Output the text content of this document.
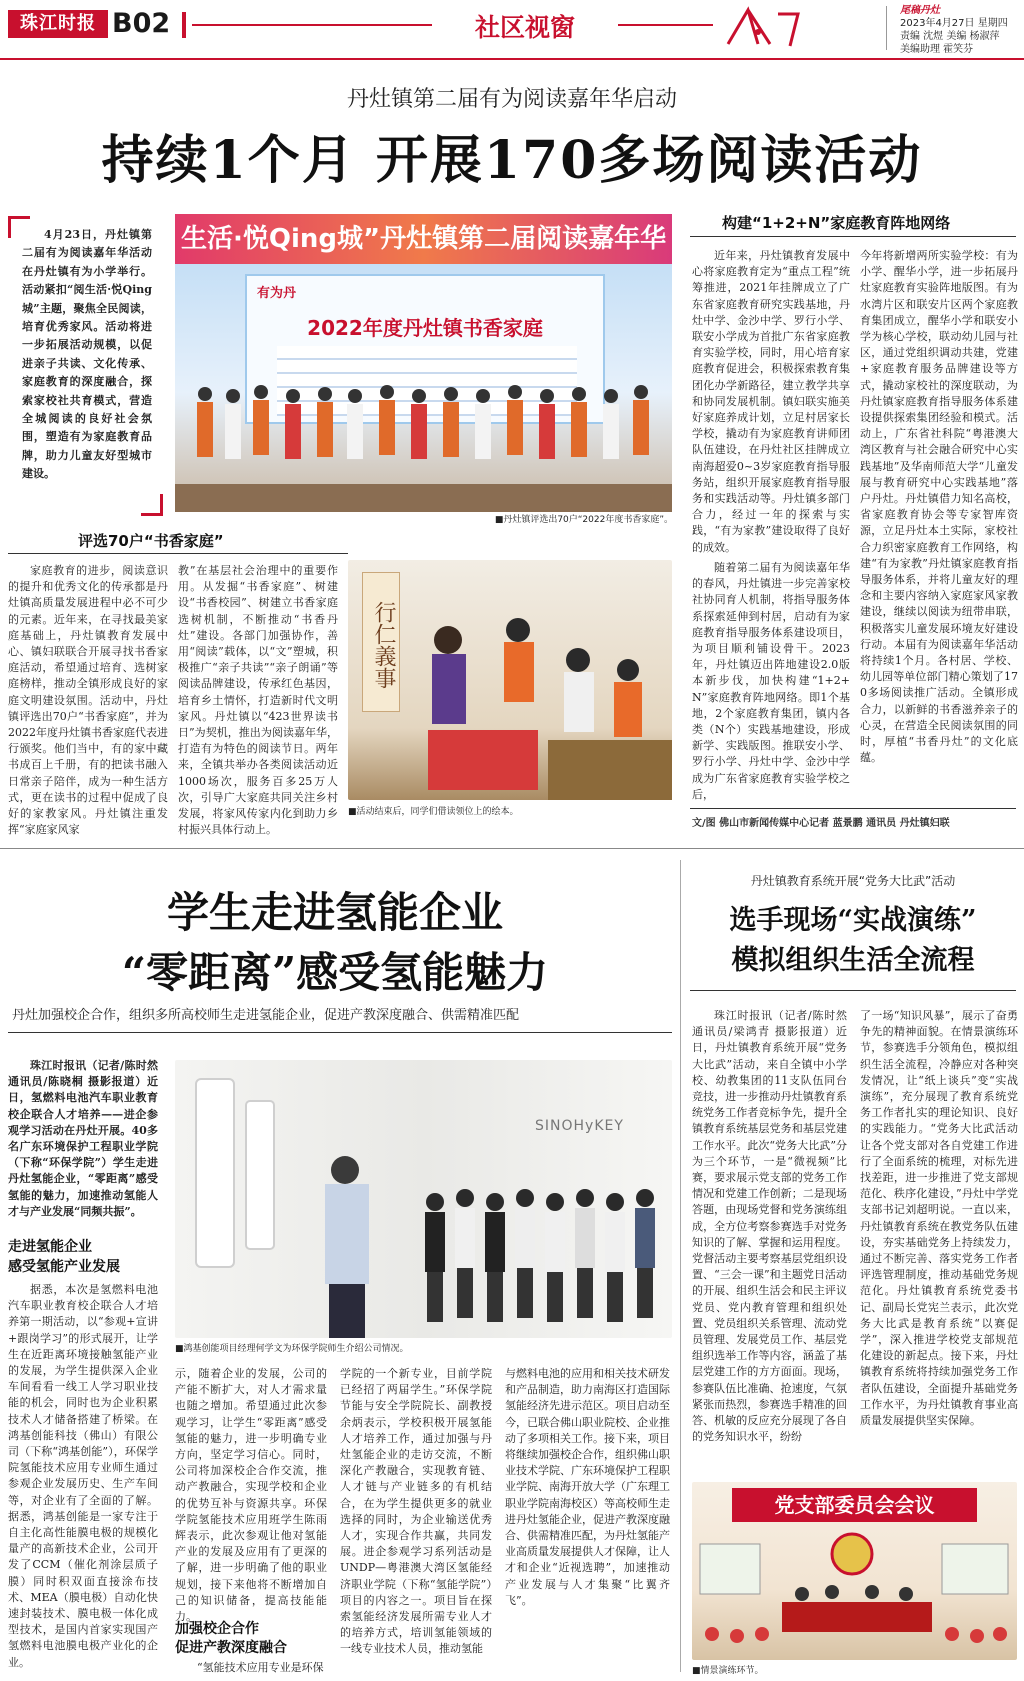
珠江时报 B02	社区视窗
尾稿丹灶
2023年4月27日 星期四
责编 沈煜 美编 杨淑萍
美编助理 霍笑芬
丹灶镇第二届有为阅读嘉年华启动
持续1个月 开展170多场阅读活动
4月23日，丹灶镇第二届有为阅读嘉年华活动在丹灶镇有为小学举行。活动紧扣“阅生活·悦Qing城”主题，聚焦全民阅读，培育优秀家风。活动将进一步拓展活动规模，以促进亲子共读、文化传承、家庭教育的深度融合，探索家校社共育模式，营造全城阅读的良好社会氛围，塑造有为家庭教育品牌，助力儿童友好型城市建设。
生活·悦Qing城”丹灶镇第二届阅读嘉年华
有为丹
2022年度丹灶镇书香家庭
■丹灶镇评选出70户“2022年度书香家庭”。
评选70户“书香家庭”
家庭教育的进步，阅读意识的提升和优秀文化的传承都是丹灶镇高质量发展进程中必不可少的元素。近年来，在寻找最美家庭基础上，丹灶镇教育发展中心、镇妇联联合开展寻找书香家庭活动，希望通过培育、选树家庭榜样，推动全镇形成良好的家庭文明建设氛围。活动中，丹灶镇评选出70户“书香家庭”，并为2022年度丹灶镇书香家庭代表进行颁奖。他们当中，有的家中藏书成百上千册，有的把读书融入日常亲子陪伴，成为一种生活方式，更在读书的过程中促成了良好的家教家风。丹灶镇注重发挥“家庭家风家
教”在基层社会治理中的重要作用。从发掘“书香家庭”、树建设“书香校园”、树建立书香家庭选树机制，不断推动“书香丹灶”建设。各部门加强协作，善用“阅读”载体，以“文”塑城，积极推广“亲子共读”“亲子朗诵”等阅读品牌建设，传承红色基因，培育乡土情怀，打造新时代文明家风。丹灶镇以“423世界读书日”为契机，推出为阅读嘉年华，打造有为特色的阅读节日。两年来，全镇共举办各类阅读活动近1000场次，服务百多25万人次，引导广大家庭共同关注乡村发展，将家风传家内化到助力乡村振兴具体行动上。
行仁義事
■活动结束后，同学们借读领位上的绘本。
构建“1+2+N”家庭教育阵地网络
近年来，丹灶镇教育发展中心将家庭教育定为“重点工程”统筹推进，2021年挂牌成立了广东省家庭教育研究实践基地，丹灶中学、金沙中学、罗行小学、联安小学成为首批广东省家庭教育实验学校，同时，用心培育家庭教育促进会，积极探索教育集团化办学新路径，建立教学共享和协同发展机制。镇妇联实施美好家庭养成计划，立足村居家长学校，撬动有为家庭教育讲师团队伍建设，在丹灶社区挂牌成立南海超爱0~3岁家庭教育指导服务站，组织开展家庭教育指导服务和实践活动等。丹灶镇多部门合力，经过一年的探索与实践，“有为家教”建设取得了良好的成效。
随着第二届有为阅读嘉年华的春风，丹灶镇进一步完善家校社协同育人机制，将指导服务体系探索延伸到村居，启动有为家庭教育指导服务体系建设项目，为项目顺利铺设骨干。2023年，丹灶镇迈出阵地建设2.0版本新步伐，加快构建“1+2+N”家庭教育阵地网络。即1个基地，2个家庭教育集团，镇内各类（N个）实践基地建设，形成新学、实践版图。推联安小学、罗行小学、丹灶中学、金沙中学成为广东省家庭教育实验学校之后，
今年将新增两所实验学校：有为小学、醒华小学，进一步拓展丹灶家庭教育实验阵地版图。有为水湾片区和联安片区两个家庭教育集团成立，醒华小学和联安小学为核心学校，联动幼儿园与社区，通过党组织调动共建，党建+家庭教育服务品牌建设等方式，撬动家校社的深度联动，为丹灶镇家庭教育指导服务体系建设提供探索集团经验和模式。活动上，广东省社科院“粤港澳大湾区教育与社会融合研究中心实践基地”及华南师范大学“儿童发展与教育研究中心实践基地”落户丹灶。丹灶镇借力知名高校，省家庭教育协会等专家智库资源，立足丹灶本土实际，家校社合力织密家庭教育工作网络，构建“有为家教”丹灶镇家庭教育指导服务体系，并将儿童友好的理念和主要内容纳入家庭家风家教建设，继续以阅读为纽带串联，积极落实儿童发展环境友好建设行动。本届有为阅读嘉年华活动将持续1个月。各村居、学校、幼儿园等单位部门精心策划了170多场阅读推广活动。全镇形成合力，以新鲜的书香滋养亲子的心灵，在营造全民阅读氛围的同时，厚植“书香丹灶”的文化底蕴。
文/图 佛山市新闻传媒中心记者 蓝景鹏 通讯员 丹灶镇妇联
学生走进氢能企业
“零距离”感受氢能魅力
丹灶加强校企合作，组织多所高校师生走进氢能企业，促进产教深度融合、供需精准匹配
珠江时报讯（记者/陈时然 通讯员/陈晓桐 摄影报道）近日，氢燃料电池汽车职业教育校企联合人才培养——进企参观学习活动在丹灶开展。40多名广东环境保护工程职业学院（下称“环保学院”）学生走进丹灶氢能企业，“零距离”感受氢能的魅力，加速推动氢能人才与产业发展“同频共振”。
走进氢能企业
感受氢能产业发展
据悉，本次是氢燃料电池汽车职业教育校企联合人才培养第一期活动，以“参观+宣讲+跟岗学习”的形式展开，让学生在近距离环境接触氢能产业的发展，为学生提供深入企业车间看看一线工人学习职业技能的机会，同时也为企业积累技术人才储备搭建了桥梁。在鸿基创能科技（佛山）有限公司（下称“鸿基创能”），环保学院氢能技术应用专业师生通过参观企业发展历史、生产车间等，对企业有了全面的了解。据悉，鸿基创能是一家专注于自主化高性能膜电极的规模化量产的高新技术企业，公司开发了CCM（催化剂涂层质子膜）同时积双面直接涂布技术、MEA（膜电极）自动化快速封装技术、膜电极一体化成型技术，是国内首家实现国产氢燃料电池膜电极产业化的企业。
SINOHyKEY
■鸿基创能项目经理何学文为环保学院师生介绍公司情况。
示，随着企业的发展，公司的产能不断扩大，对人才需求量也随之增加。希望通过此次参观学习，让学生“零距离”感受氢能的魅力，进一步明确专业方向，坚定学习信心。同时，公司将加深校企合作交流，推动产教融合，实现学校和企业的优势互补与资源共享。环保学院氢能技术应用班学生陈雨辉表示，此次参观让他对氢能产业的发展及应用有了更深的了解，进一步明确了他的职业规划，接下来他将不断增加自己的知识储备，提高技能能力。
加强校企合作
促进产教深度融合
“氢能技术应用专业是环保
学院的一个新专业，目前学院已经招了两届学生。”环保学院节能与安全学院院长、副教授余炳表示，学校积极开展氢能人才培养工作，通过加强与丹灶氢能企业的走访交流，不断深化产教融合，实现教育链、人才链与产业链多的有机结合，在为学生提供更多的就业选择的同时，为企业输送优秀人才，实现合作共赢，共同发展。进企参观学习系列活动是UNDP—粤港澳大湾区氢能经济职业学院（下称“氢能学院”）项目的内容之一。项目旨在探索氢能经济发展所需专业人才的培养方式，培训氢能领域的一线专业技术人员，推动氢能
与燃料电池的应用和相关技术研发和产品制造，助力南海区打造国际氢能经济先进示范区。项目启动至今，已联合佛山职业院校、企业推动了多项相关工作。接下来，项目将继续加强校企合作，组织佛山职业技术学院、广东环境保护工程职业学院、南海开放大学（广东理工职业学院南海校区）等高校师生走进丹灶氢能企业，促进产教深度融合、供需精准匹配，为丹灶氢能产业高质量发展提供人才保障，让人才和企业“近视选聘”，加速推动产业发展与人才集聚“比翼齐飞”。
丹灶镇教育系统开展“党务大比武”活动
选手现场“实战演练”
模拟组织生活全流程
珠江时报讯（记者/陈时然 通讯员/梁鸿青 摄影报道）近日，丹灶镇教育系统开展“党务大比武”活动，来自全镇中小学校、幼教集团的11支队伍同台竞技，进一步推动丹灶镇教育系统党务工作者竞标争先，提升全镇教育系统基层党务和基层党建工作水平。此次“党务大比武”分为三个环节，一是“微视频”比赛，要求展示党支部的党务工作情况和党建工作创新；二是现场答题，由现场党督和党务演练组成，全方位考察参赛选手对党务知识的了解、掌握和运用程度。党督活动主要考察基层党组织设置、“三会一课”和主题党日活动的开展、组织生活会和民主评议党员、党内教育管理和组织处置、党员组织关系管理、流动党员管理、发展党员工作、基层党组织选举工作等内容，涵盖了基层党建工作的方方面面。现场，参赛队伍比准确、抢速度，气氛紧张而热烈，参赛选手精准的回答、机敏的反应充分展现了各自的党务知识水平，纷纷
了一场“知识风暴”，展示了奋勇争先的精神面貌。在情景演练环节，参赛选手分领角色，模拟组织生活全流程，冷静应对各种突发情况，让“纸上谈兵”变“实战演练”，充分展现了教育系统党务工作者扎实的理论知识、良好的实践能力。“党务大比武活动让各个党支部对各自党建工作进行了全面系统的梳理，对标先进找差距，进一步推进了党支部规范化、秩序化建设，”丹灶中学党支部书记刘超明说。一直以来，丹灶镇教育系统在教党务队伍建设，夯实基础党务上持续发力，通过不断完善、落实党务工作者评选管理制度，推动基础党务规范化。丹灶镇教育系统党委书记、副局长党宪兰表示，此次党务大比武是教育系统“以赛促学”，深入推进学校党支部规范化建设的新起点。接下来，丹灶镇教育系统将持续加强党务工作者队伍建设，全面提升基础党务工作水平，为丹灶镇教育事业高质量发展提供坚实保障。
党支部委员会会议
■情景演练环节。
